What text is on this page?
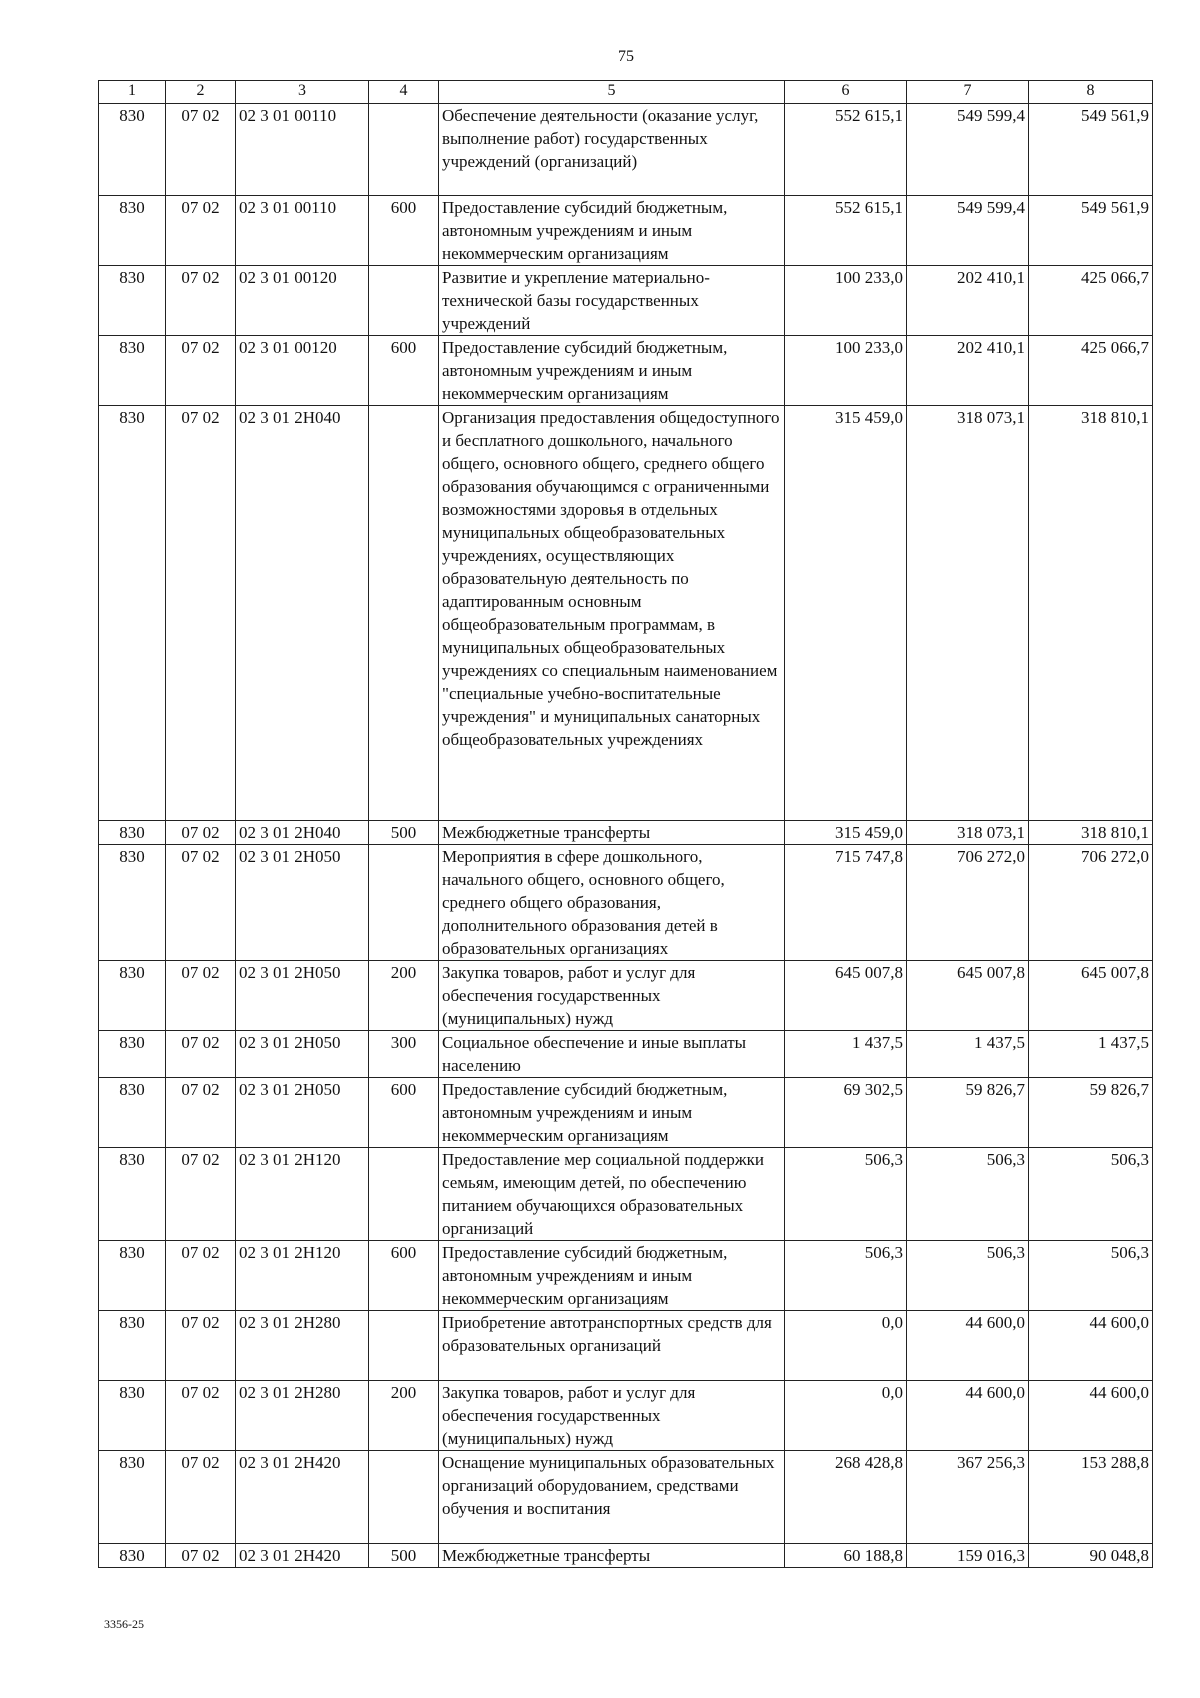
75
1	2	3	4	5	6	7	8
830	07 02	02 3 01 00110		Обеспечение деятельности (оказание услуг, выполнение работ) государственных учреждений (организаций)	552 615,1	549 599,4	549 561,9
830	07 02	02 3 01 00110	600	Предоставление субсидий бюджетным, автономным учреждениям и иным некоммерческим организациям	552 615,1	549 599,4	549 561,9
830	07 02	02 3 01 00120		Развитие и укрепление материально-технической базы государственных учреждений	100 233,0	202 410,1	425 066,7
830	07 02	02 3 01 00120	600	Предоставление субсидий бюджетным, автономным учреждениям и иным некоммерческим организациям	100 233,0	202 410,1	425 066,7
830	07 02	02 3 01 2Н040		Организация предоставления общедоступного и бесплатного дошкольного, начального общего, основного общего, среднего общего образования обучающимся с ограниченными возможностями здоровья в отдельных муниципальных общеобразовательных учреждениях, осуществляющих образовательную деятельность по адаптированным основным общеобразовательным программам, в муниципальных общеобразовательных учреждениях со специальным наименованием "специальные учебно-воспитательные учреждения" и муниципальных санаторных общеобразовательных учреждениях	315 459,0	318 073,1	318 810,1
830	07 02	02 3 01 2Н040	500	Межбюджетные трансферты	315 459,0	318 073,1	318 810,1
830	07 02	02 3 01 2Н050		Мероприятия в сфере дошкольного, начального общего, основного общего, среднего общего образования, дополнительного образования детей в образовательных организациях	715 747,8	706 272,0	706 272,0
830	07 02	02 3 01 2Н050	200	Закупка товаров, работ и услуг для обеспечения государственных (муниципальных) нужд	645 007,8	645 007,8	645 007,8
830	07 02	02 3 01 2Н050	300	Социальное обеспечение и иные выплаты населению	1 437,5	1 437,5	1 437,5
830	07 02	02 3 01 2Н050	600	Предоставление субсидий бюджетным, автономным учреждениям и иным некоммерческим организациям	69 302,5	59 826,7	59 826,7
830	07 02	02 3 01 2Н120		Предоставление мер социальной поддержки семьям, имеющим детей, по обеспечению питанием обучающихся образовательных организаций	506,3	506,3	506,3
830	07 02	02 3 01 2Н120	600	Предоставление субсидий бюджетным, автономным учреждениям и иным некоммерческим организациям	506,3	506,3	506,3
830	07 02	02 3 01 2Н280		Приобретение автотранспортных средств для образовательных организаций	0,0	44 600,0	44 600,0
830	07 02	02 3 01 2Н280	200	Закупка товаров, работ и услуг для обеспечения государственных (муниципальных) нужд	0,0	44 600,0	44 600,0
830	07 02	02 3 01 2Н420		Оснащение муниципальных образовательных организаций оборудованием, средствами обучения и воспитания	268 428,8	367 256,3	153 288,8
830	07 02	02 3 01 2Н420	500	Межбюджетные трансферты	60 188,8	159 016,3	90 048,8
3356-25
